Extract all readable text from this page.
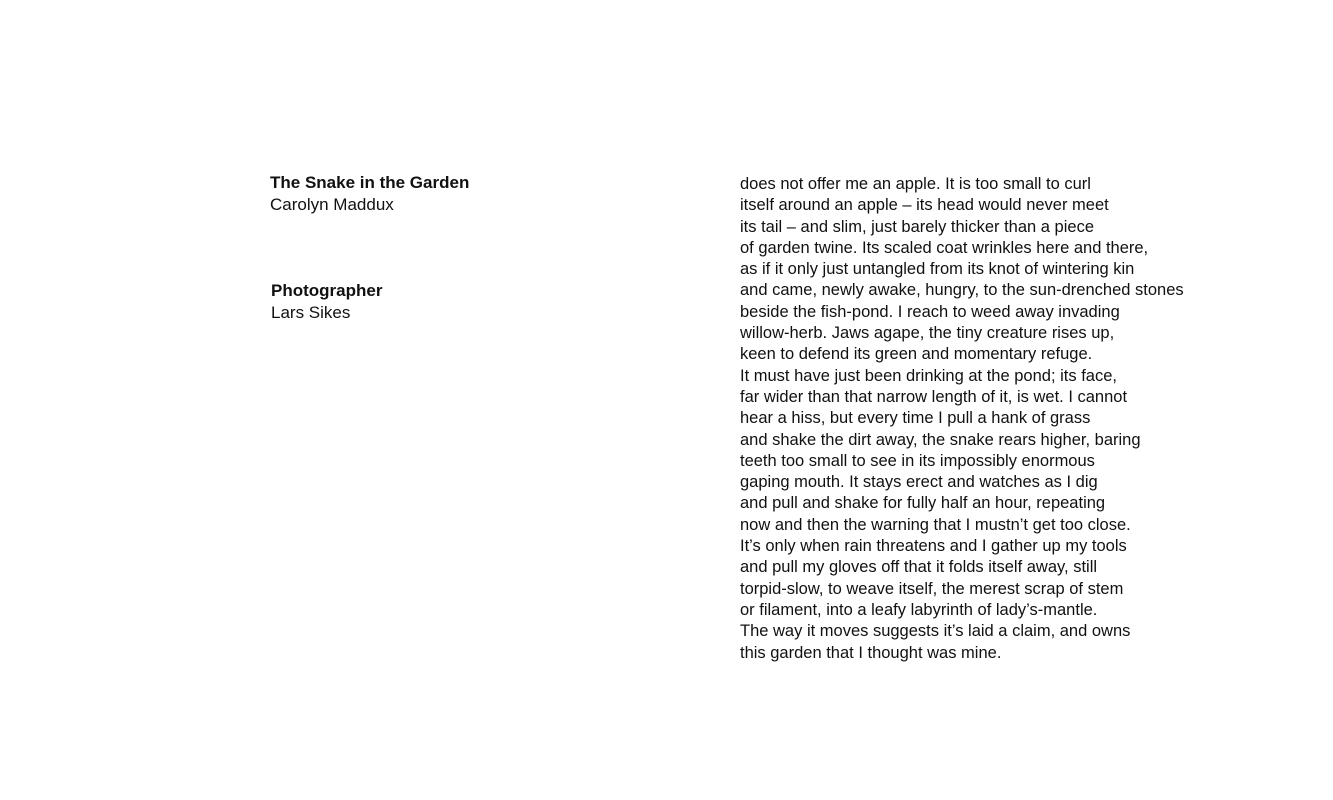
The Snake in the Garden

Carolyn Maddux

Photographer

Lars Sikes

does not offer me an apple. It is too small to curl
itself around an apple – its head would never meet
its tail – and slim, just barely thicker than a piece
of garden twine. Its scaled coat wrinkles here and there,
as if it only just untangled from its knot of wintering kin
and came, newly awake, hungry, to the sun-drenched stones
beside the fish-pond. I reach to weed away invading
willow-herb. Jaws agape, the tiny creature rises up,
keen to defend its green and momentary refuge.
It must have just been drinking at the pond; its face,
far wider than that narrow length of it, is wet. I cannot
hear a hiss, but every time I pull a hank of grass
and shake the dirt away, the snake rears higher, baring
teeth too small to see in its impossibly enormous
gaping mouth. It stays erect and watches as I dig
and pull and shake for fully half an hour, repeating
now and then the warning that I mustn’t get too close.
It’s only when rain threatens and I gather up my tools
and pull my gloves off that it folds itself away, still
torpid-slow, to weave itself, the merest scrap of stem
or filament, into a leafy labyrinth of lady’s-mantle.
The way it moves suggests it’s laid a claim, and owns
this garden that I thought was mine.
